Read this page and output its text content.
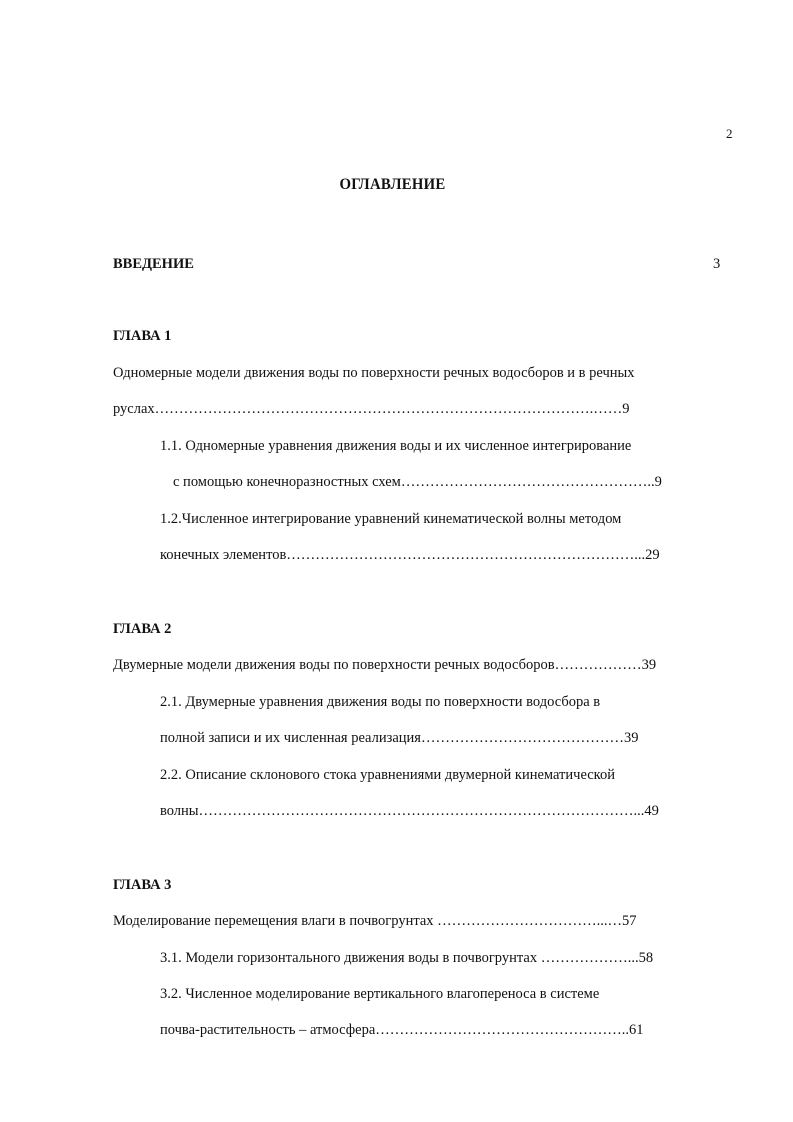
2
ОГЛАВЛЕНИЕ
ВВЕДЕНИЕ	3
ГЛАВА 1
Одномерные модели движения воды по поверхности речных водосборов и в речных
руслах……………………………………………………………………………….……9
1.1. Одномерные уравнения движения воды и их численное интегрирование
с помощью конечноразностных схем……………………………………………..9
1.2.Численное интегрирование уравнений кинематической волны методом
конечных элементов………………………………………………………………...29
ГЛАВА 2
Двумерные модели движения воды по поверхности речных водосборов………………39
2.1. Двумерные уравнения движения воды по поверхности водосбора в
полной записи и их численная реализация……………………………………39
2.2. Описание склонового стока уравнениями двумерной кинематической
волны………………………………………………………………………………...49
ГЛАВА 3
Моделирование перемещения влаги в почвогрунтах ……………………………...…57
3.1. Модели горизонтального движения воды в почвогрунтах ………………...58
3.2. Численное моделирование вертикального влагопереноса в системе
почва-растительность – атмосфера……………………………………………..61
